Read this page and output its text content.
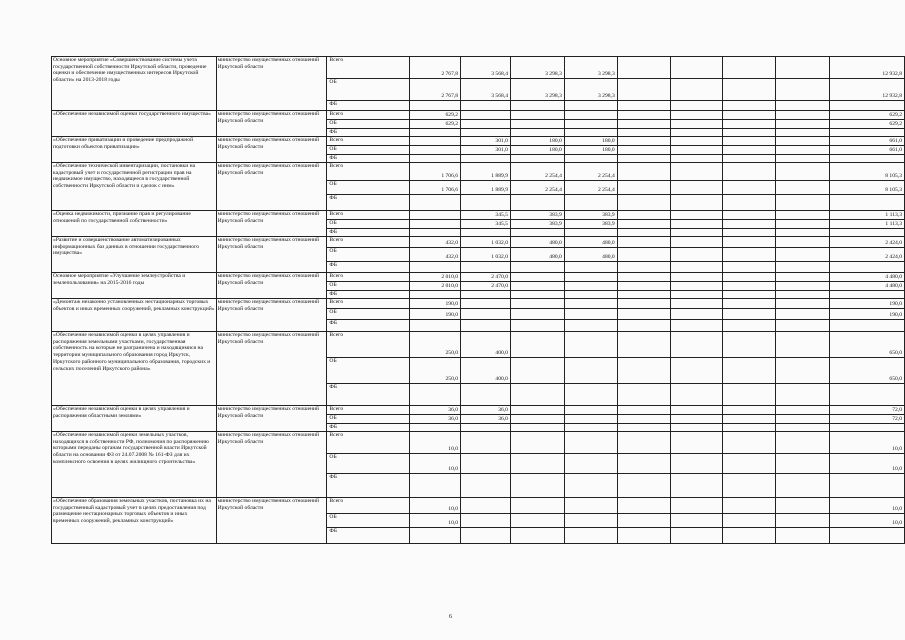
Основное мероприятие «Совершенствование системы учета государственной собственности Иркутской области, проведение оценки и обеспечение имущественных интересов Иркутской области» на 2013-2018 годы	министерство имущественных отношений Иркутской области	Всего	2 767,8	3 568,4	3 298,3	3 298,3					12 932,8
		ОБ	2 767,8	3 568,4	3 298,3	3 298,3					12 932,8
		ФБ									
«Обеспечение независимой оценки государственного имущества»	министерство имущественных отношений Иркутской области	Всего	629,2								629,2
		ОБ	629,2								629,2
		ФБ									
«Обеспечение приватизации и проведение предпродажной подготовки объектов приватизации»	министерство имущественных отношений Иркутской области	Всего		301,0	180,0	180,0					661,0
		ОБ		301,0	180,0	180,0					661,0
		ФБ									
«Обеспечение технической инвентаризации, постановки на кадастровый учет и государственной регистрации прав на недвижимое имущество, находящееся в государственной собственности Иркутской области и сделок с ним»	министерство имущественных отношений Иркутской области	Всего	1 706,6	1 889,9	2 254,4	2 254,4					8 105,3
		ОБ	1 706,6	1 889,9	2 254,4	2 254,4					8 105,3
		ФБ									
«Оценка недвижимости, признание прав и регулирование отношений по государственной собственности»	министерство имущественных отношений Иркутской области	Всего		345,5	383,9	383,9					1 113,3
		ОБ		345,5	383,9	383,9					1 113,3
		ФБ									
«Развитие и совершенствование автоматизированных информационных баз данных в отношении государственного имущества»	министерство имущественных отношений Иркутской области	Всего	432,0	1 032,0	480,0	480,0					2 424,0
		ОБ	432,0	1 032,0	480,0	480,0					2 424,0
		ФБ									
Основное мероприятие «Улучшение землеустройства и землепользования» на 2015-2016 годы	министерство имущественных отношений Иркутской области	Всего	2 010,0	2 470,0							4 480,0
		ОБ	2 010,0	2 470,0							4 480,0
		ФБ									
«Демонтаж незаконно установленных нестационарных торговых объектов и иных временных сооружений, рекламных конструкций»	министерство имущественных отношений Иркутской области	Всего	190,0								190,0
		ОБ	190,0								190,0
		ФБ									
«Обеспечение независимой оценки в целях управления и распоряжения земельными участками, государственная собственность на которые не разграничена и находящимися на территории муниципального образования город Иркутск, Иркутского районного муниципального образования, городских и сельских поселений Иркутского района»	министерство имущественных отношений Иркутской области	Всего	250,0	400,0							650,0
		ОБ	250,0	400,0							650,0
		ФБ									
«Обеспечение независимой оценки в целях управления и распоряжения областными землями»	министерство имущественных отношений Иркутской области	Всего	36,0	36,0							72,0
		ОБ	36,0	36,0							72,0
		ФБ									
«Обеспечение независимой оценки земельных участков, находящихся в собственности РФ, полномочия по распоряжению которыми переданы органам государственной власти Иркутской области на основании ФЗ от 24.07.2008 № 161-ФЗ для их комплексного освоения в целях жилищного строительства»	министерство имущественных отношений Иркутской области	Всего	10,0								10,0
		ОБ	10,0								10,0
		ФБ									
«Обеспечение образования земельных участков, постановка их на государственный кадастровый учет в целях предоставления под размещение нестационарных торговых объектов и иных временных сооружений, рекламных конструкций»	министерство имущественных отношений Иркутской области	Всего	10,0								10,0
		ОБ	10,0								10,0
		ФБ									
6
